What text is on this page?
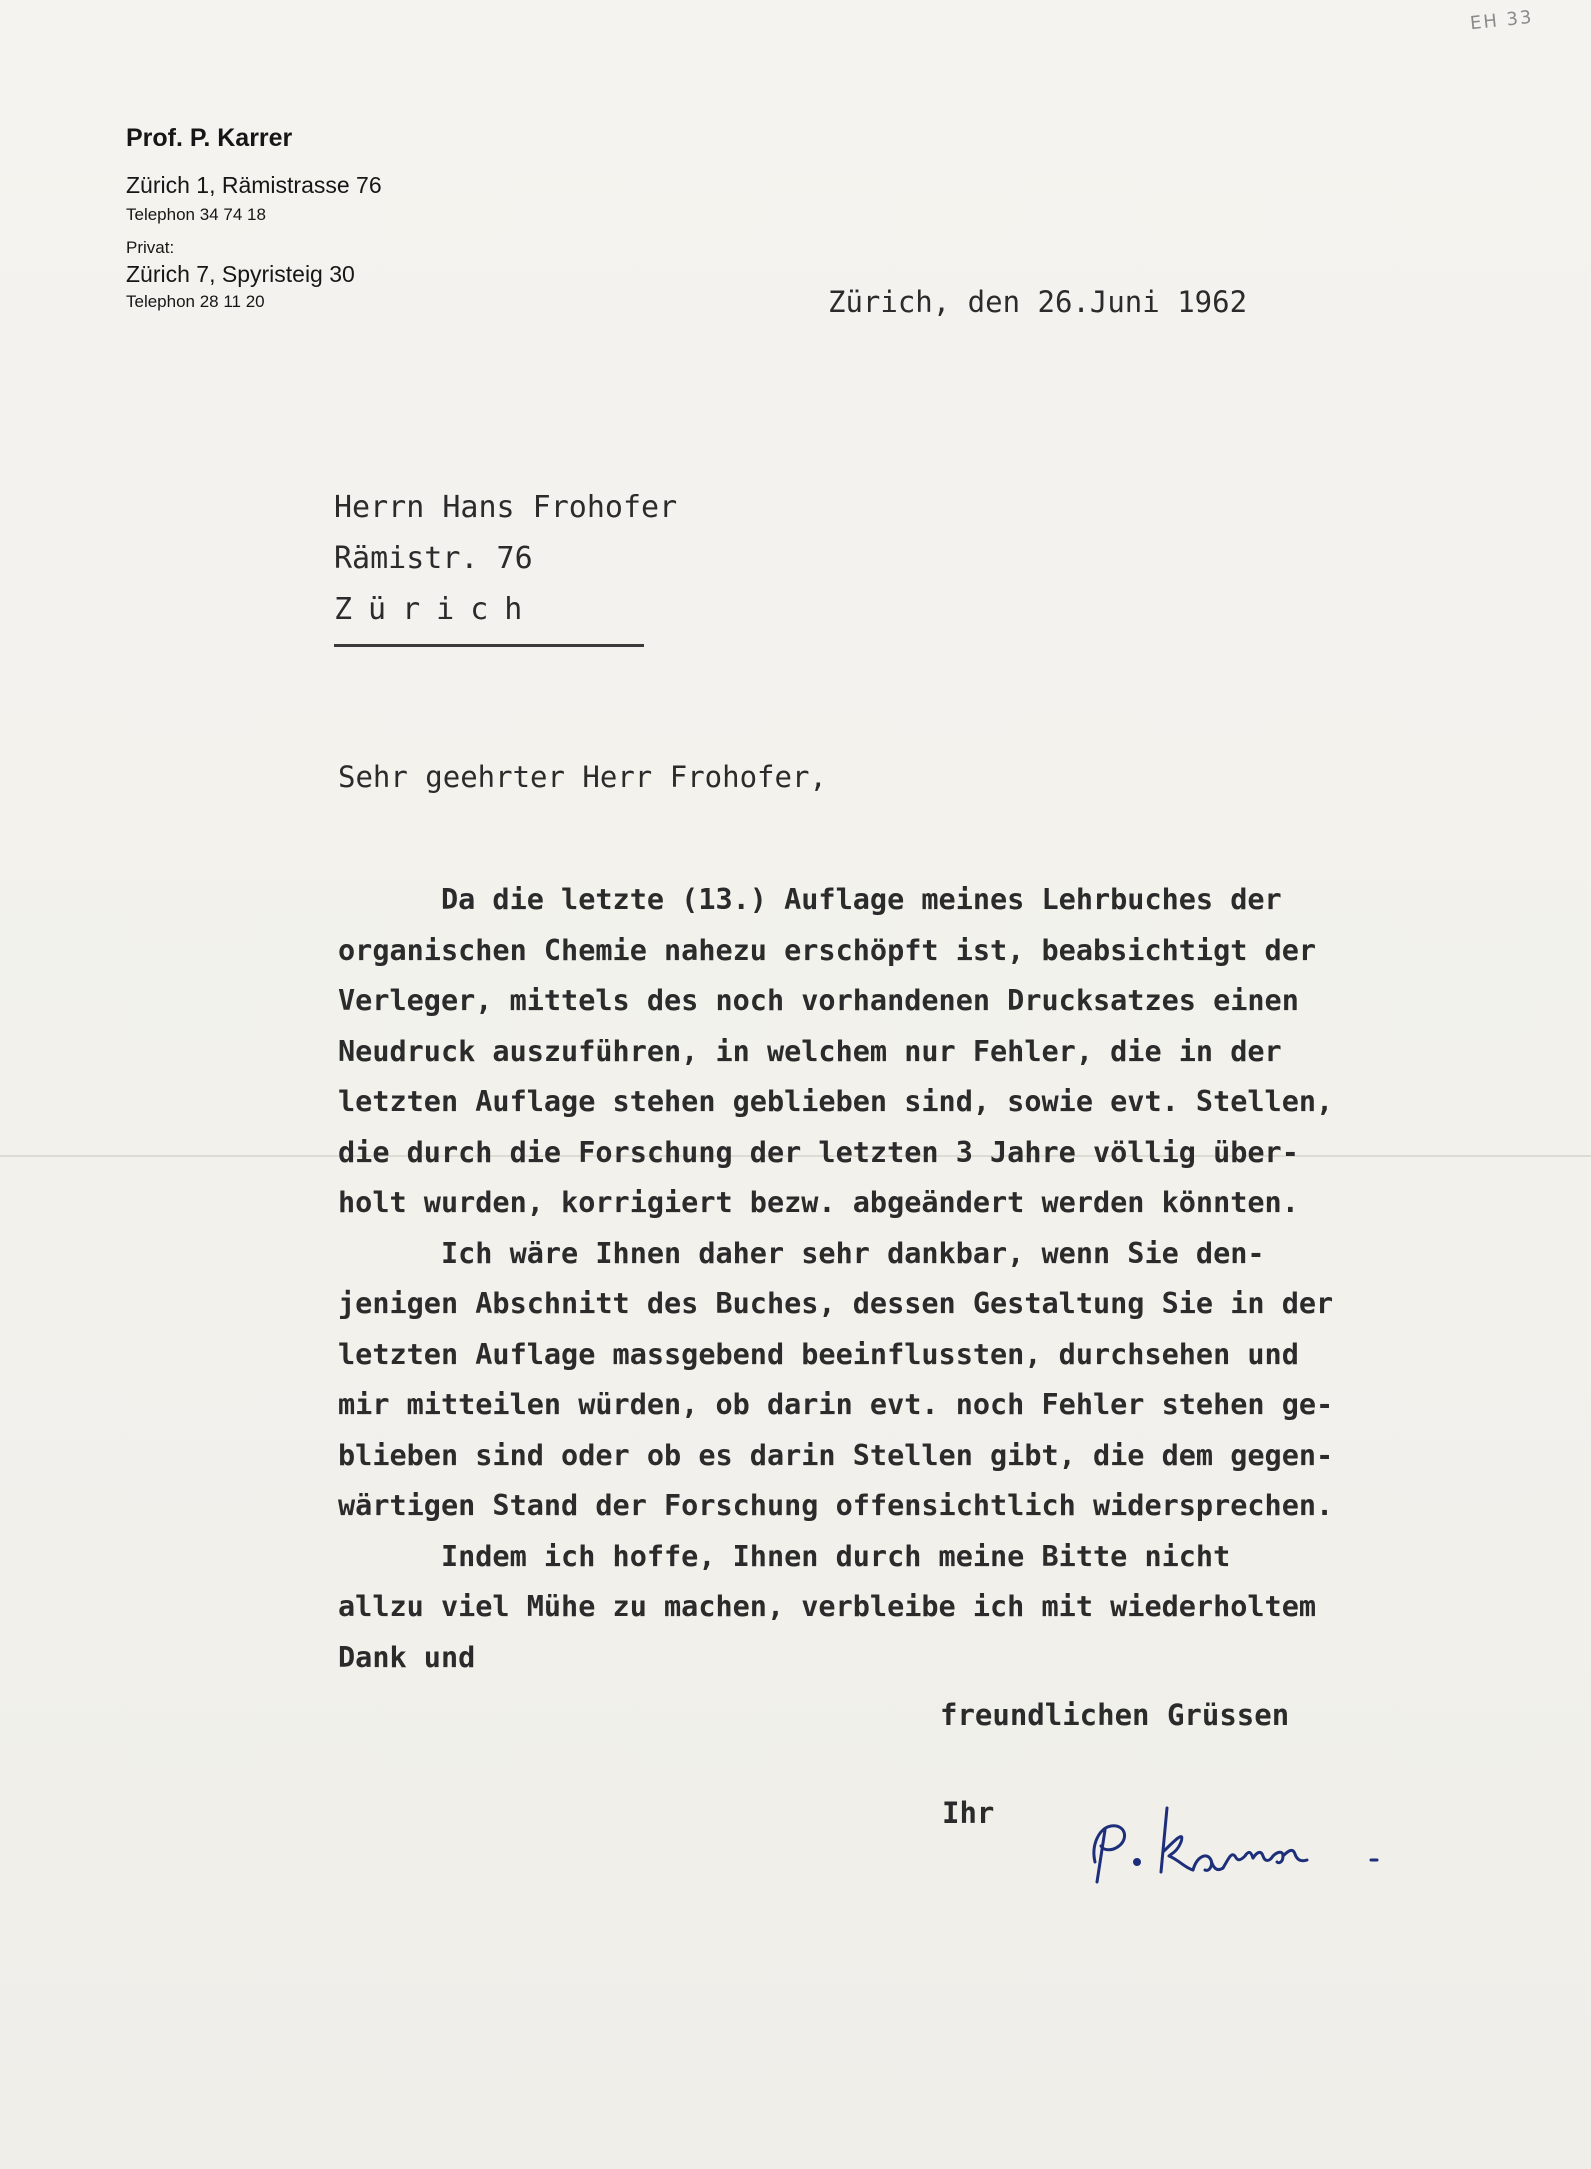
EH 33
Prof. P. Karrer
Zürich 1, Rämistrasse 76
Telephon 34 74 18
Privat:
Zürich 7, Spyristeig 30
Telephon 28 11 20	Zürich, den 26.Juni 1962
Herrn Hans Frohofer
Rämistr. 76
Zürich
Sehr geehrter Herr Frohofer,
Da die letzte (13.) Auflage meines Lehrbuches der
organischen Chemie nahezu erschöpft ist, beabsichtigt der
Verleger, mittels des noch vorhandenen Drucksatzes einen
Neudruck auszuführen, in welchem nur Fehler, die in der
letzten Auflage stehen geblieben sind, sowie evt. Stellen,
die durch die Forschung der letzten 3 Jahre völlig über-
holt wurden, korrigiert bezw. abgeändert werden könnten.
Ich wäre Ihnen daher sehr dankbar, wenn Sie den-
jenigen Abschnitt des Buches, dessen Gestaltung Sie in der
letzten Auflage massgebend beeinflussten, durchsehen und
mir mitteilen würden, ob darin evt. noch Fehler stehen ge-
blieben sind oder ob es darin Stellen gibt, die dem gegen-
wärtigen Stand der Forschung offensichtlich widersprechen.
Indem ich hoffe, Ihnen durch meine Bitte nicht
allzu viel Mühe zu machen, verbleibe ich mit wiederholtem
Dank und
freundlichen Grüssen
Ihr
